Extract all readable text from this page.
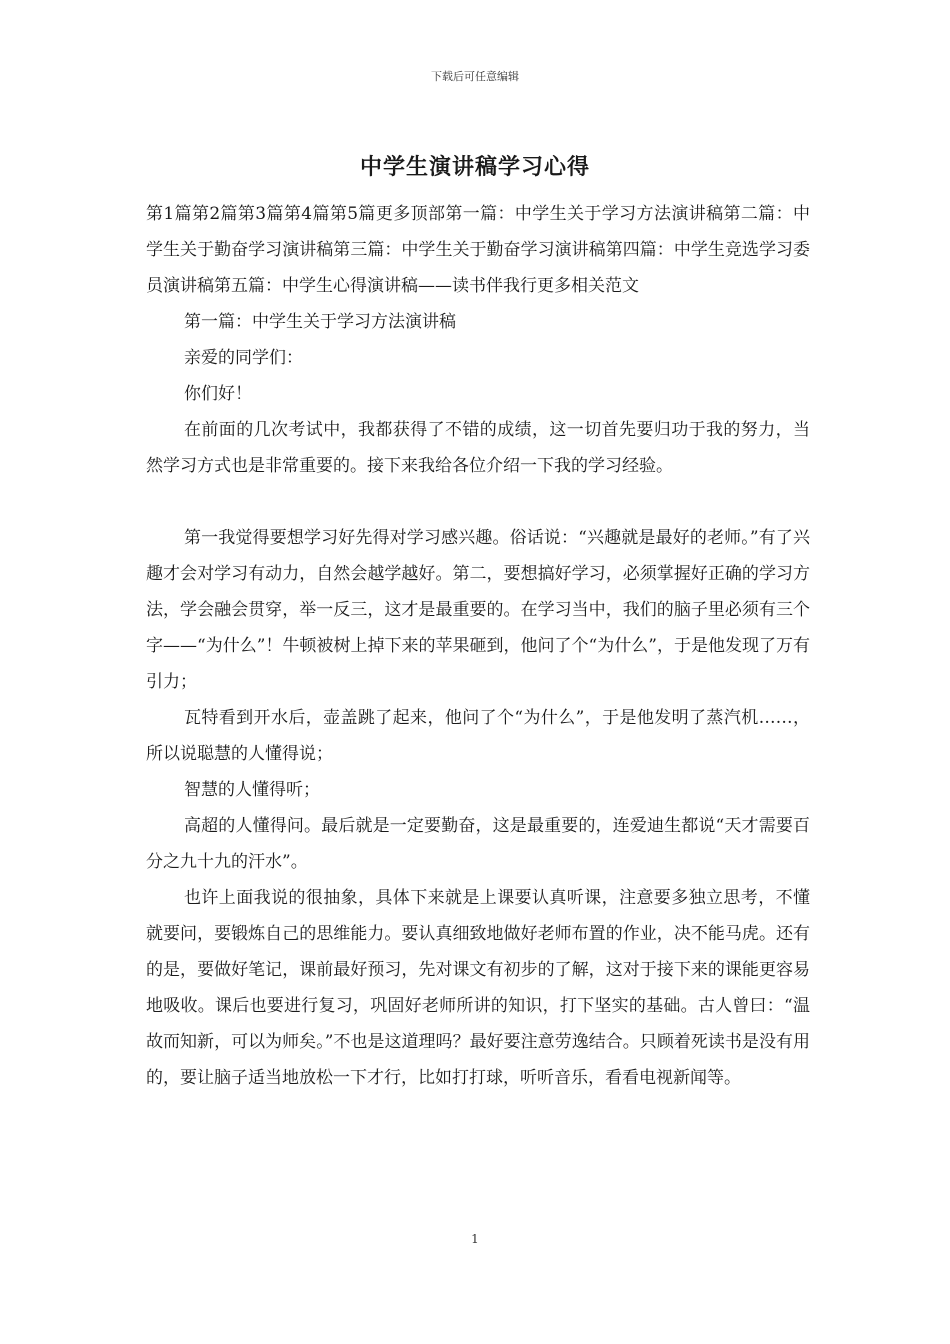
下载后可任意编辑
中学生演讲稿学习心得

第1篇第2篇第3篇第4篇第5篇更多顶部第一篇：中学生关于学习方法演讲稿第二篇：中学生关于勤奋学习演讲稿第三篇：中学生关于勤奋学习演讲稿第四篇：中学生竞选学习委员演讲稿第五篇：中学生心得演讲稿——读书伴我行更多相关范文

第一篇：中学生关于学习方法演讲稿

亲爱的同学们：

你们好！

在前面的几次考试中，我都获得了不错的成绩，这一切首先要归功于我的努力，当然学习方式也是非常重要的。接下来我给各位介绍一下我的学习经验。

第一我觉得要想学习好先得对学习感兴趣。俗话说：“兴趣就是最好的老师。”有了兴趣才会对学习有动力，自然会越学越好。第二，要想搞好学习，必须掌握好正确的学习方法，学会融会贯穿，举一反三，这才是最重要的。在学习当中，我们的脑子里必须有三个字——“为什么”！牛顿被树上掉下来的苹果砸到，他问了个“为什么”，于是他发现了万有引力；

瓦特看到开水后，壶盖跳了起来，他问了个“为什么”，于是他发明了蒸汽机……，所以说聪慧的人懂得说；

智慧的人懂得听；

高超的人懂得问。最后就是一定要勤奋，这是最重要的，连爱迪生都说“天才需要百分之九十九的汗水”。

也许上面我说的很抽象，具体下来就是上课要认真听课，注意要多独立思考，不懂就要问，要锻炼自己的思维能力。要认真细致地做好老师布置的作业，决不能马虎。还有的是，要做好笔记，课前最好预习，先对课文有初步的了解，这对于接下来的课能更容易地吸收。课后也要进行复习，巩固好老师所讲的知识，打下坚实的基础。古人曾曰：“温故而知新，可以为师矣。”不也是这道理吗？最好要注意劳逸结合。只顾着死读书是没有用的，要让脑子适当地放松一下才行，比如打打球，听听音乐，看看电视新闻等。

1
